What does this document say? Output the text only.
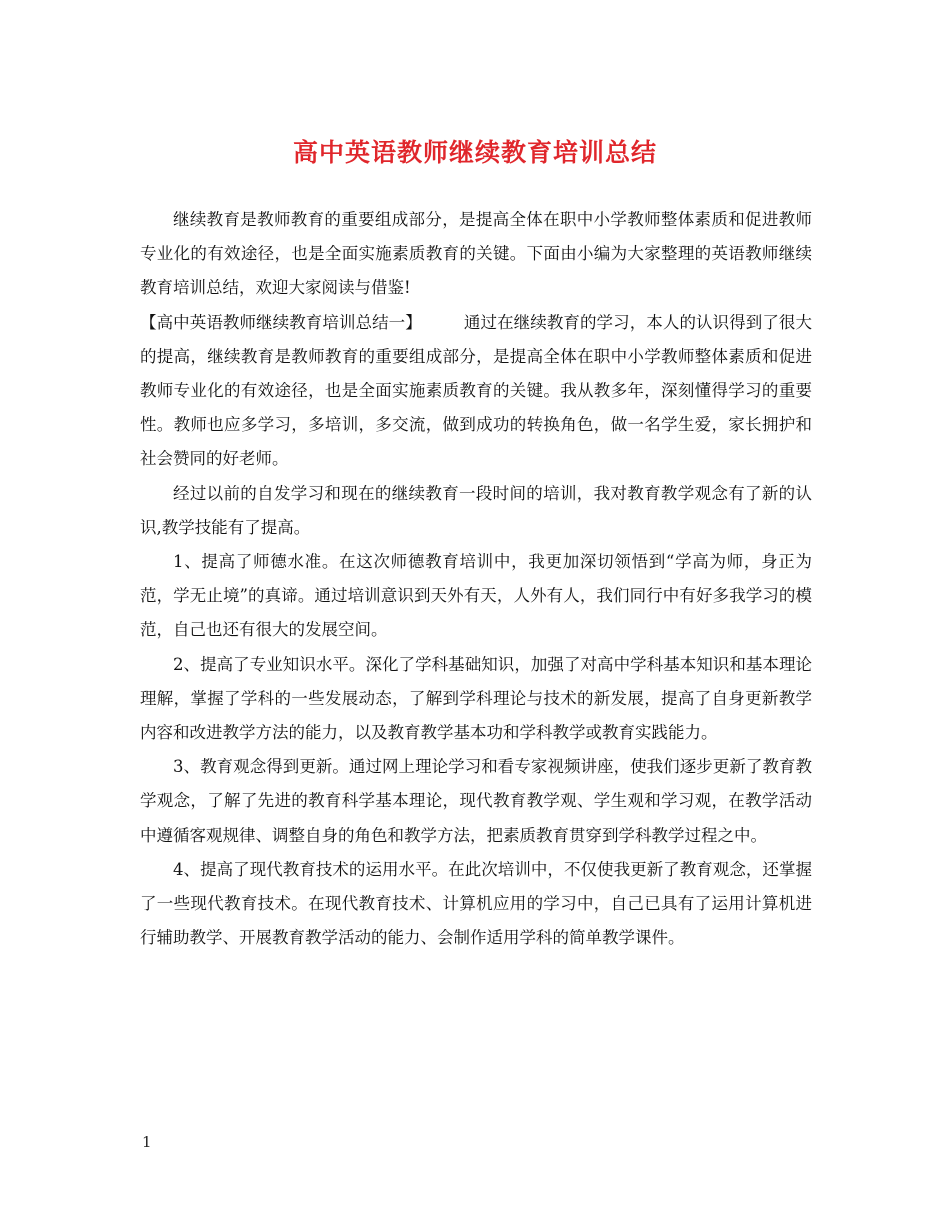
高中英语教师继续教育培训总结

继续教育是教师教育的重要组成部分，是提高全体在职中小学教师整体素质和促进教师专业化的有效途径，也是全面实施素质教育的关键。下面由小编为大家整理的英语教师继续教育培训总结，欢迎大家阅读与借鉴!

【高中英语教师继续教育培训总结一】	通过在继续教育的学习，本人的认识得到了很大的提高，继续教育是教师教育的重要组成部分，是提高全体在职中小学教师整体素质和促进教师专业化的有效途径，也是全面实施素质教育的关键。我从教多年，深刻懂得学习的重要性。教师也应多学习，多培训，多交流，做到成功的转换角色，做一名学生爱，家长拥护和社会赞同的好老师。

经过以前的自发学习和现在的继续教育一段时间的培训，我对教育教学观念有了新的认识,教学技能有了提高。

1、提高了师德水准。在这次师德教育培训中，我更加深切领悟到“学高为师，身正为范，学无止境”的真谛。通过培训意识到天外有天，人外有人，我们同行中有好多我学习的模范，自己也还有很大的发展空间。

2、提高了专业知识水平。深化了学科基础知识，加强了对高中学科基本知识和基本理论理解，掌握了学科的一些发展动态，了解到学科理论与技术的新发展，提高了自身更新教学内容和改进教学方法的能力，以及教育教学基本功和学科教学或教育实践能力。

3、教育观念得到更新。通过网上理论学习和看专家视频讲座，使我们逐步更新了教育教学观念，了解了先进的教育科学基本理论，现代教育教学观、学生观和学习观，在教学活动中遵循客观规律、调整自身的角色和教学方法，把素质教育贯穿到学科教学过程之中。

4、提高了现代教育技术的运用水平。在此次培训中，不仅使我更新了教育观念，还掌握了一些现代教育技术。在现代教育技术、计算机应用的学习中，自己已具有了运用计算机进行辅助教学、开展教育教学活动的能力、会制作适用学科的简单教学课件。

1
